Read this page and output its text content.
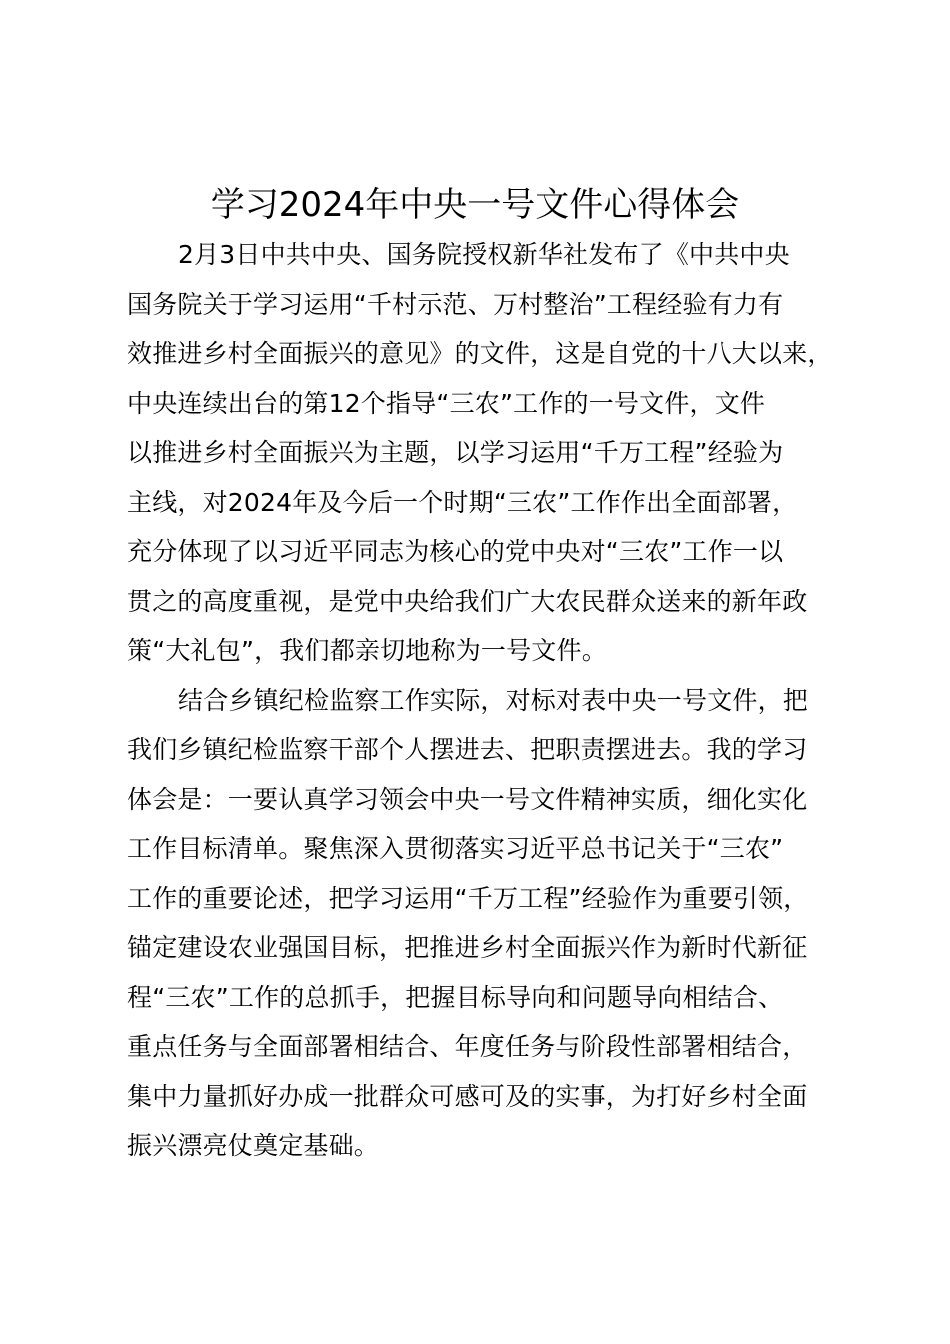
学习2024年中央一号文件心得体会
2月3日中共中央、国务院授权新华社发布了《中共中央
国务院关于学习运用“千村示范、万村整治”工程经验有力有
效推进乡村全面振兴的意见》的文件，这是自党的十八大以来，
中央连续出台的第12个指导“三农”工作的一号文件，文件
以推进乡村全面振兴为主题，以学习运用“千万工程”经验为
主线，对2024年及今后一个时期“三农”工作作出全面部署，
充分体现了以习近平同志为核心的党中央对“三农”工作一以
贯之的高度重视，是党中央给我们广大农民群众送来的新年政
策“大礼包”，我们都亲切地称为一号文件。
结合乡镇纪检监察工作实际，对标对表中央一号文件，把
我们乡镇纪检监察干部个人摆进去、把职责摆进去。我的学习
体会是：一要认真学习领会中央一号文件精神实质，细化实化
工作目标清单。聚焦深入贯彻落实习近平总书记关于“三农”
工作的重要论述，把学习运用“千万工程”经验作为重要引领，
锚定建设农业强国目标，把推进乡村全面振兴作为新时代新征
程“三农”工作的总抓手，把握目标导向和问题导向相结合、
重点任务与全面部署相结合、年度任务与阶段性部署相结合，
集中力量抓好办成一批群众可感可及的实事，为打好乡村全面
振兴漂亮仗奠定基础。
